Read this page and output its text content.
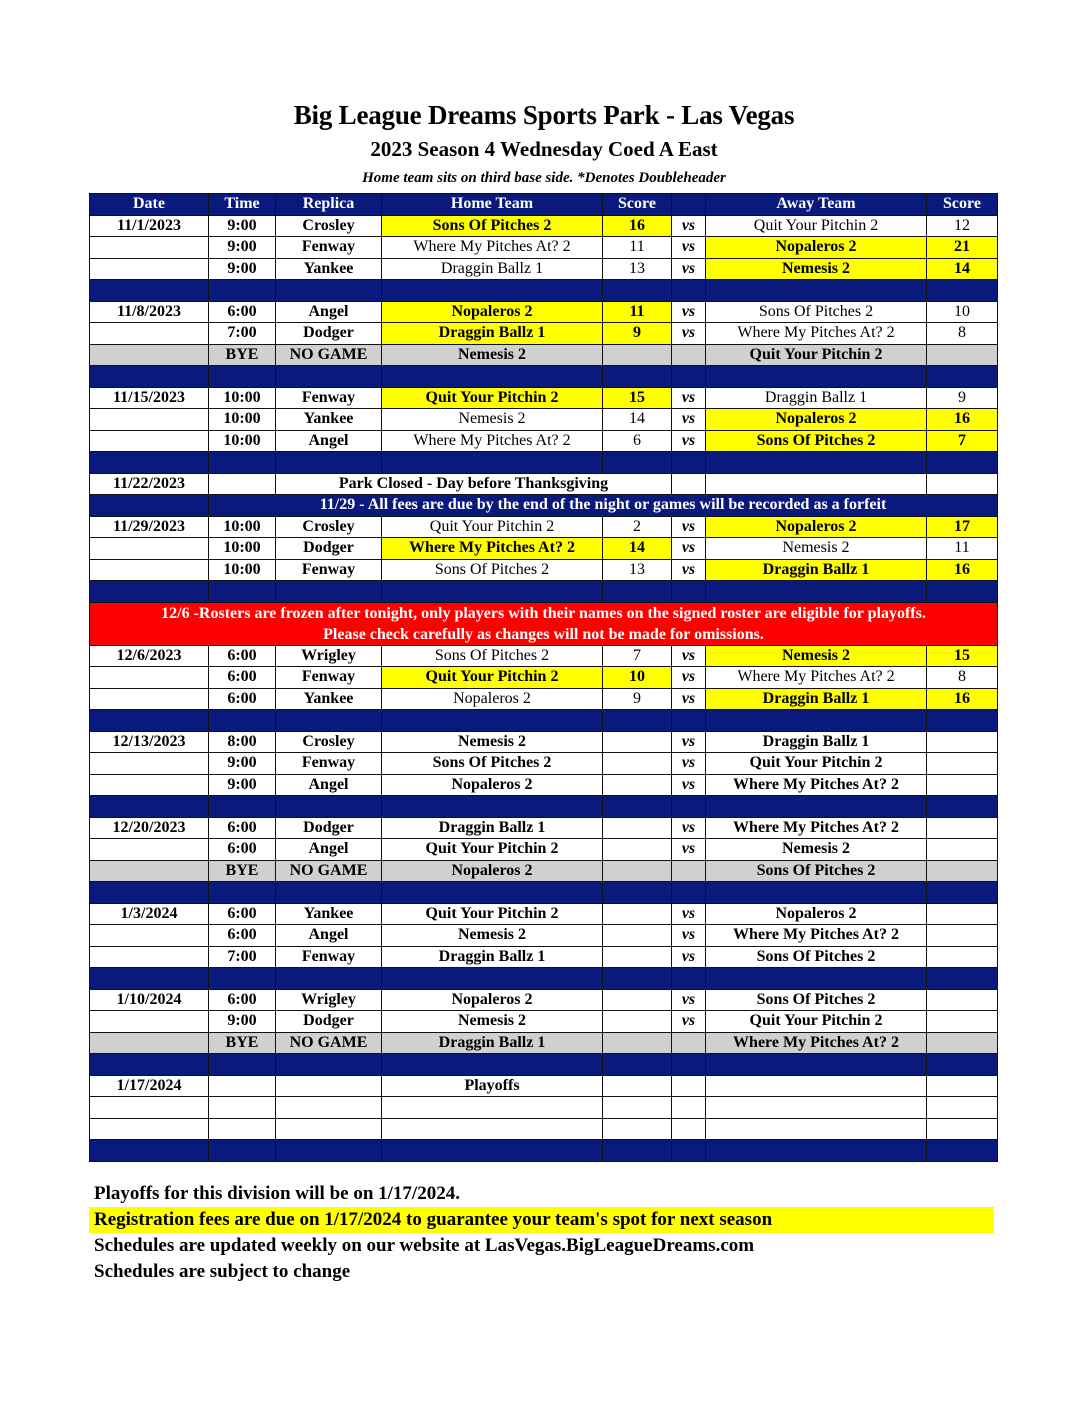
Big League Dreams Sports Park - Las Vegas
2023 Season 4 Wednesday Coed A East
Home team sits on third base side. *Denotes Doubleheader
Date	Time	Replica	Home Team	Score		Away Team	Score
11/1/2023	9:00	Crosley	Sons Of Pitches 2	16	vs	Quit Your Pitchin 2	12
	9:00	Fenway	Where My Pitches At? 2	11	vs	Nopaleros 2	21
	9:00	Yankee	Draggin Ballz 1	13	vs	Nemesis 2	14

11/8/2023	6:00	Angel	Nopaleros 2	11	vs	Sons Of Pitches 2	10
	7:00	Dodger	Draggin Ballz 1	9	vs	Where My Pitches At? 2	8
	BYE	NO GAME	Nemesis 2			Quit Your Pitchin 2	

11/15/2023	10:00	Fenway	Quit Your Pitchin 2	15	vs	Draggin Ballz 1	9
	10:00	Yankee	Nemesis 2	14	vs	Nopaleros 2	16
	10:00	Angel	Where My Pitches At? 2	6	vs	Sons Of Pitches 2	7

11/22/2023		Park Closed - Day before Thanksgiving					
	11/29 - All fees are due by the end of the night or games will be recorded as a forfeit						
11/29/2023	10:00	Crosley	Quit Your Pitchin 2	2	vs	Nopaleros 2	17
	10:00	Dodger	Where My Pitches At? 2	14	vs	Nemesis 2	11
	10:00	Fenway	Sons Of Pitches 2	13	vs	Draggin Ballz 1	16

12/6 -Rosters are frozen after tonight, only players with their names on the signed roster are eligible for playoffs.
Please check carefully as changes will not be made for omissions.							

12/6/2023	6:00	Wrigley	Sons Of Pitches 2	7	vs	Nemesis 2	15
	6:00	Fenway	Quit Your Pitchin 2	10	vs	Where My Pitches At? 2	8
	6:00	Yankee	Nopaleros 2	9	vs	Draggin Ballz 1	16

12/13/2023	8:00	Crosley	Nemesis 2		vs	Draggin Ballz 1	
	9:00	Fenway	Sons Of Pitches 2		vs	Quit Your Pitchin 2	
	9:00	Angel	Nopaleros 2		vs	Where My Pitches At? 2	

12/20/2023	6:00	Dodger	Draggin Ballz 1		vs	Where My Pitches At? 2	
	6:00	Angel	Quit Your Pitchin 2		vs	Nemesis 2	
	BYE	NO GAME	Nopaleros 2			Sons Of Pitches 2	

1/3/2024	6:00	Yankee	Quit Your Pitchin 2		vs	Nopaleros 2	
	6:00	Angel	Nemesis 2		vs	Where My Pitches At? 2	
	7:00	Fenway	Draggin Ballz 1		vs	Sons Of Pitches 2	

1/10/2024	6:00	Wrigley	Nopaleros 2		vs	Sons Of Pitches 2	
	9:00	Dodger	Nemesis 2		vs	Quit Your Pitchin 2	
	BYE	NO GAME	Draggin Ballz 1			Where My Pitches At? 2	

1/17/2024			Playoffs				

Playoffs for this division will be on 1/17/2024.
Registration fees are due on 1/17/2024 to guarantee your team's spot for next season
Schedules are updated weekly on our website at LasVegas.BigLeagueDreams.com
Schedules are subject to change
